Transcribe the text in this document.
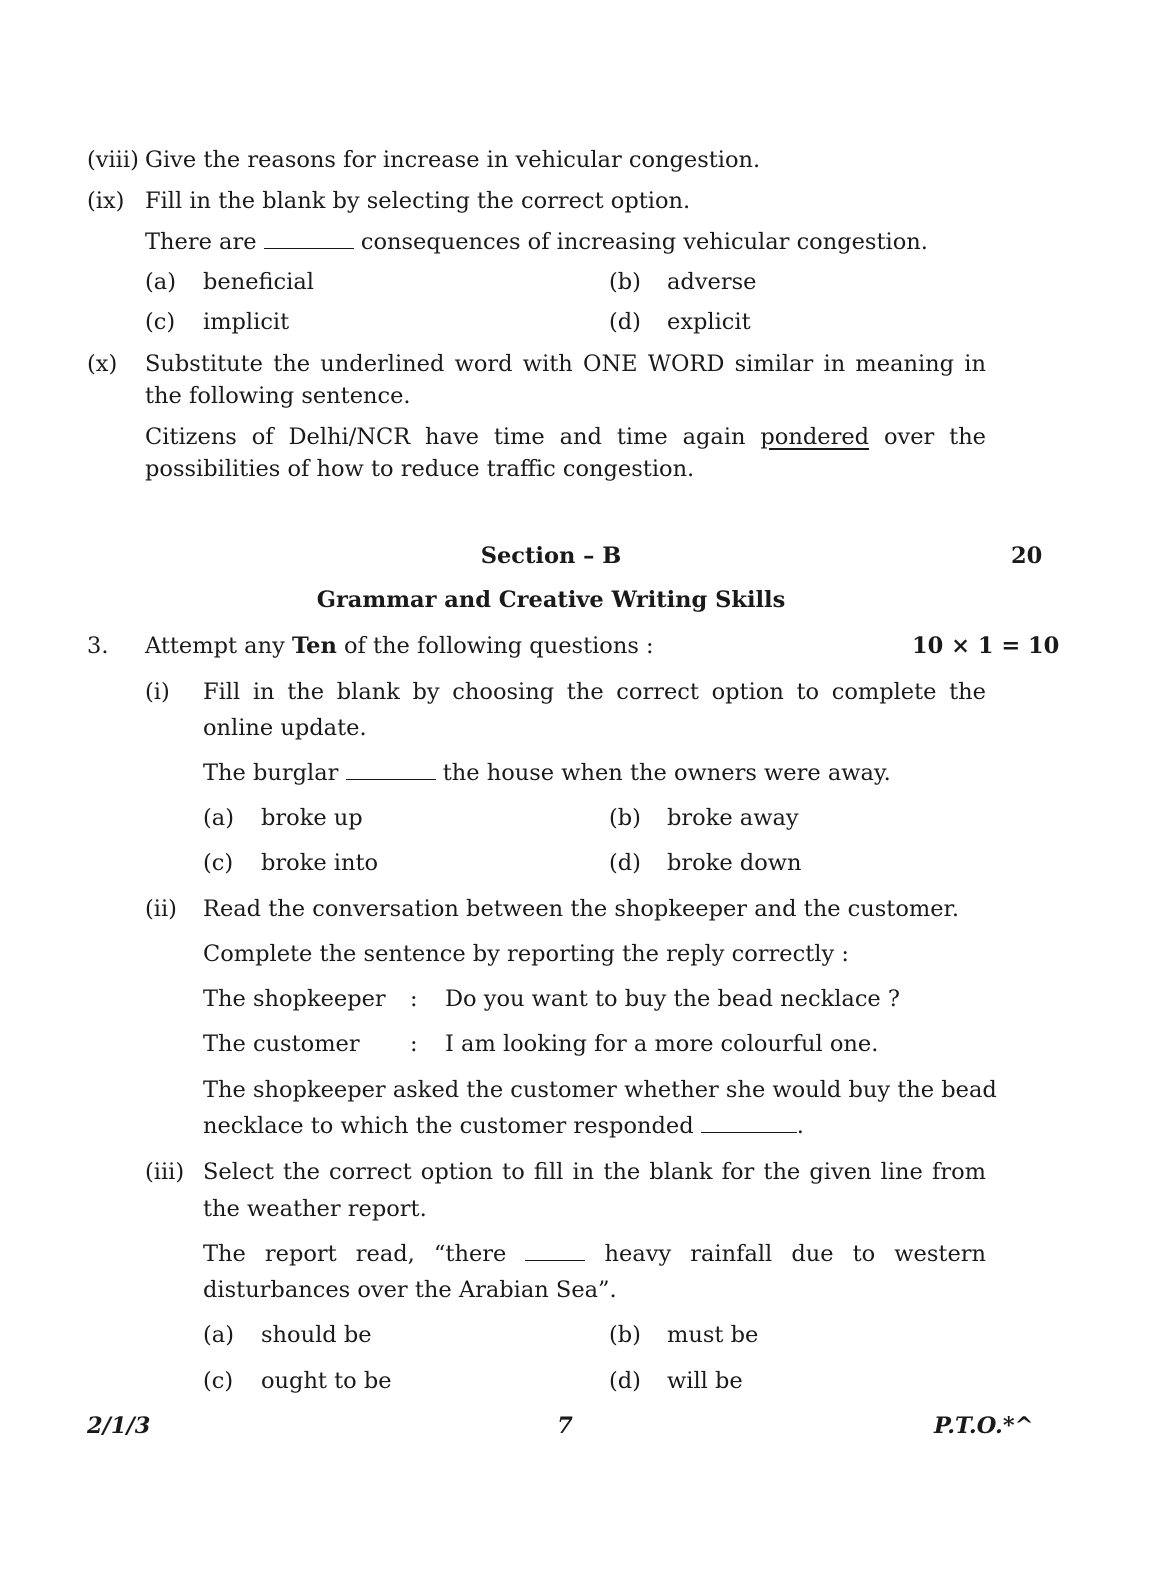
(viii) Give the reasons for increase in vehicular congestion.
(ix) Fill in the blank by selecting the correct option.
There are	consequences of increasing vehicular congestion.
(a) beneficial	(b) adverse
(c) implicit	(d) explicit
(x) Substitute the underlined word with ONE WORD similar in meaning in
the following sentence.
Citizens of Delhi/NCR have time and time again pondered over the
possibilities of how to reduce traffic congestion.
Section – B	20
Grammar and Creative Writing Skills
3. Attempt any Ten of the following questions :	10 × 1 = 10
(i) Fill in the blank by choosing the correct option to complete the
online update.
The burglar	the house when the owners were away.
(a) broke up	(b) broke away
(c) broke into	(d) broke down
(ii) Read the conversation between the shopkeeper and the customer.
Complete the sentence by reporting the reply correctly :
The shopkeeper : Do you want to buy the bead necklace ?
The customer : I am looking for a more colourful one.
The shopkeeper asked the customer whether she would buy the bead
necklace to which the customer responded	.
(iii) Select the correct option to fill in the blank for the given line from
the weather report.
The report read, “there	heavy rainfall due to western
disturbances over the Arabian Sea”.
(a) should be	(b) must be
(c) ought to be	(d) will be
2/1/3	7	P.T.O.*^
